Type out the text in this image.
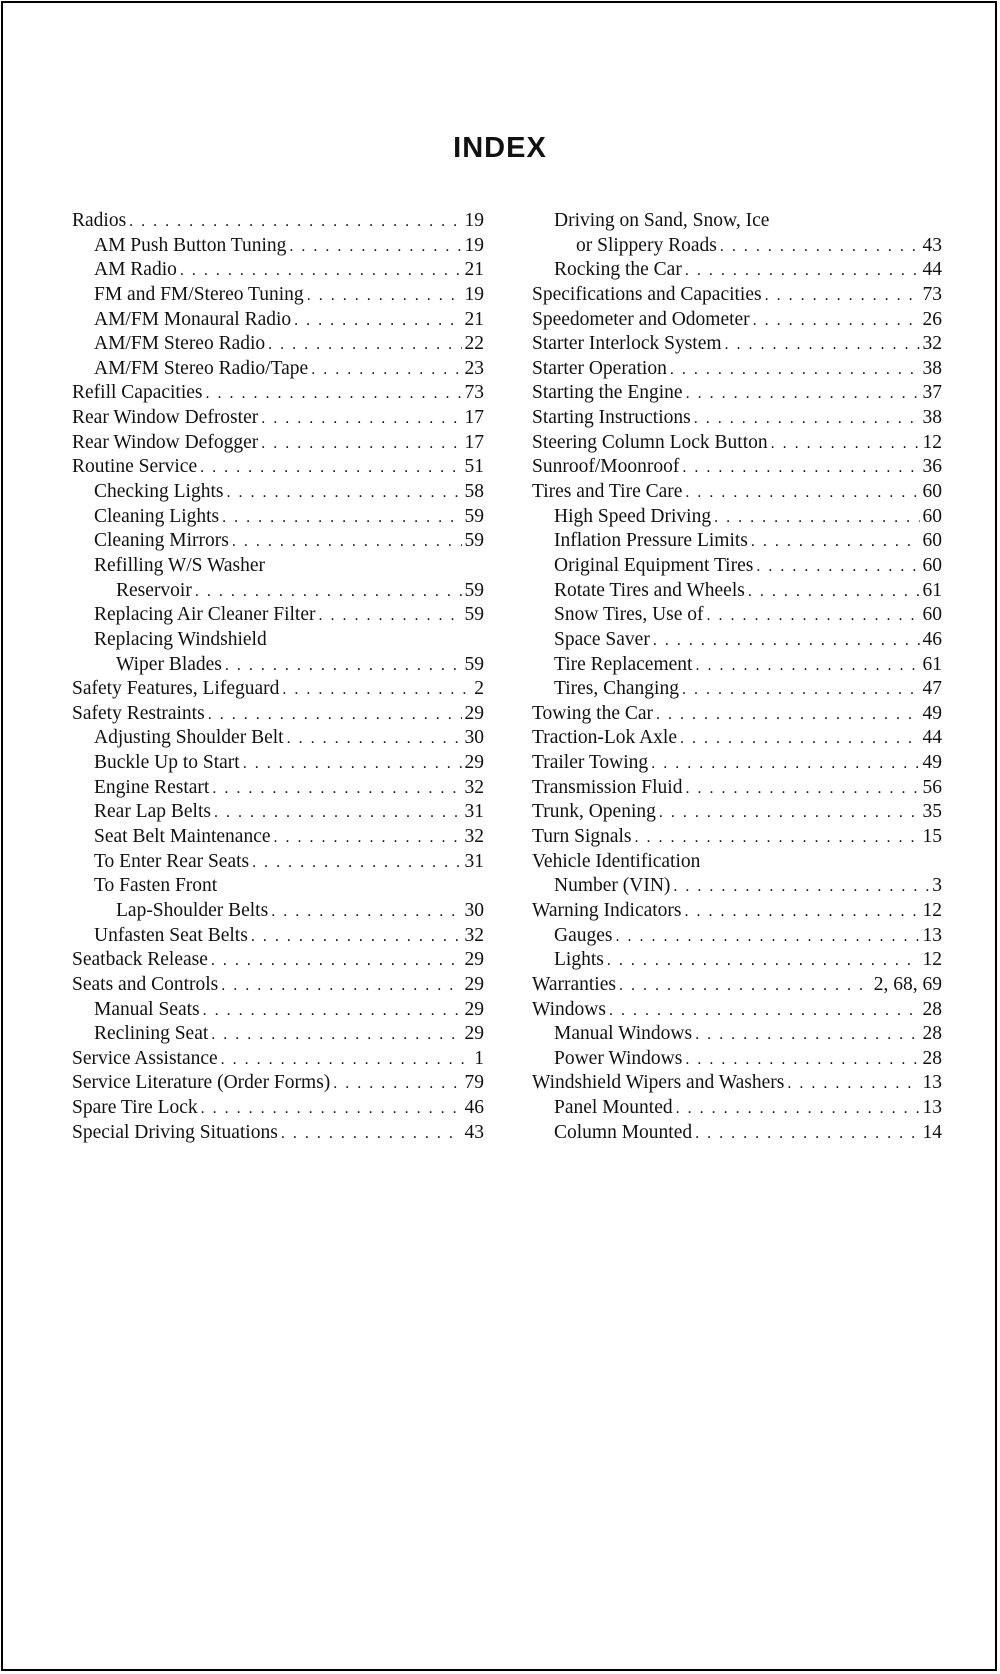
INDEX
Radios . . .	19
AM Push Button Tuning . . .	19
AM Radio . . .	21
FM and FM/Stereo Tuning . . .	19
AM/FM Monaural Radio . . .	21
AM/FM Stereo Radio . . .	22
AM/FM Stereo Radio/Tape . . .	23
Refill Capacities . . .	73
Rear Window Defroster . . .	17
Rear Window Defogger . . .	17
Routine Service . . .	51
Checking Lights . . .	58
Cleaning Lights . . .	59
Cleaning Mirrors . . .	59
Refilling W/S Washer
Reservoir . . .	59
Replacing Air Cleaner Filter . . .	59
Replacing Windshield
Wiper Blades . . .	59
Safety Features, Lifeguard . . .	2
Safety Restraints . . .	29
Adjusting Shoulder Belt . . .	30
Buckle Up to Start . . .	29
Engine Restart . . .	32
Rear Lap Belts . . .	31
Seat Belt Maintenance . . .	32
To Enter Rear Seats . . .	31
To Fasten Front
Lap-Shoulder Belts . . .	30
Unfasten Seat Belts . . .	32
Seatback Release . . .	29
Seats and Controls . . .	29
Manual Seats . . .	29
Reclining Seat . . .	29
Service Assistance . . .	1
Service Literature (Order Forms) . . .	79
Spare Tire Lock . . .	46
Special Driving Situations . . .	43
Driving on Sand, Snow, Ice
or Slippery Roads . . .	43
Rocking the Car . . .	44
Specifications and Capacities . . .	73
Speedometer and Odometer . . .	26
Starter Interlock System . . .	32
Starter Operation . . .	38
Starting the Engine . . .	37
Starting Instructions . . .	38
Steering Column Lock Button . . .	12
Sunroof/Moonroof . . .	36
Tires and Tire Care . . .	60
High Speed Driving . . .	60
Inflation Pressure Limits . . .	60
Original Equipment Tires . . .	60
Rotate Tires and Wheels . . .	61
Snow Tires, Use of . . .	60
Space Saver . . .	46
Tire Replacement . . .	61
Tires, Changing . . .	47
Towing the Car . . .	49
Traction-Lok Axle . . .	44
Trailer Towing . . .	49
Transmission Fluid . . .	56
Trunk, Opening . . .	35
Turn Signals . . .	15
Vehicle Identification
Number (VIN) . . .	3
Warning Indicators . . .	12
Gauges . . .	13
Lights . . .	12
Warranties . . .	2, 68, 69
Windows . . .	28
Manual Windows . . .	28
Power Windows . . .	28
Windshield Wipers and Washers . . .	13
Panel Mounted . . .	13
Column Mounted . . .	14
